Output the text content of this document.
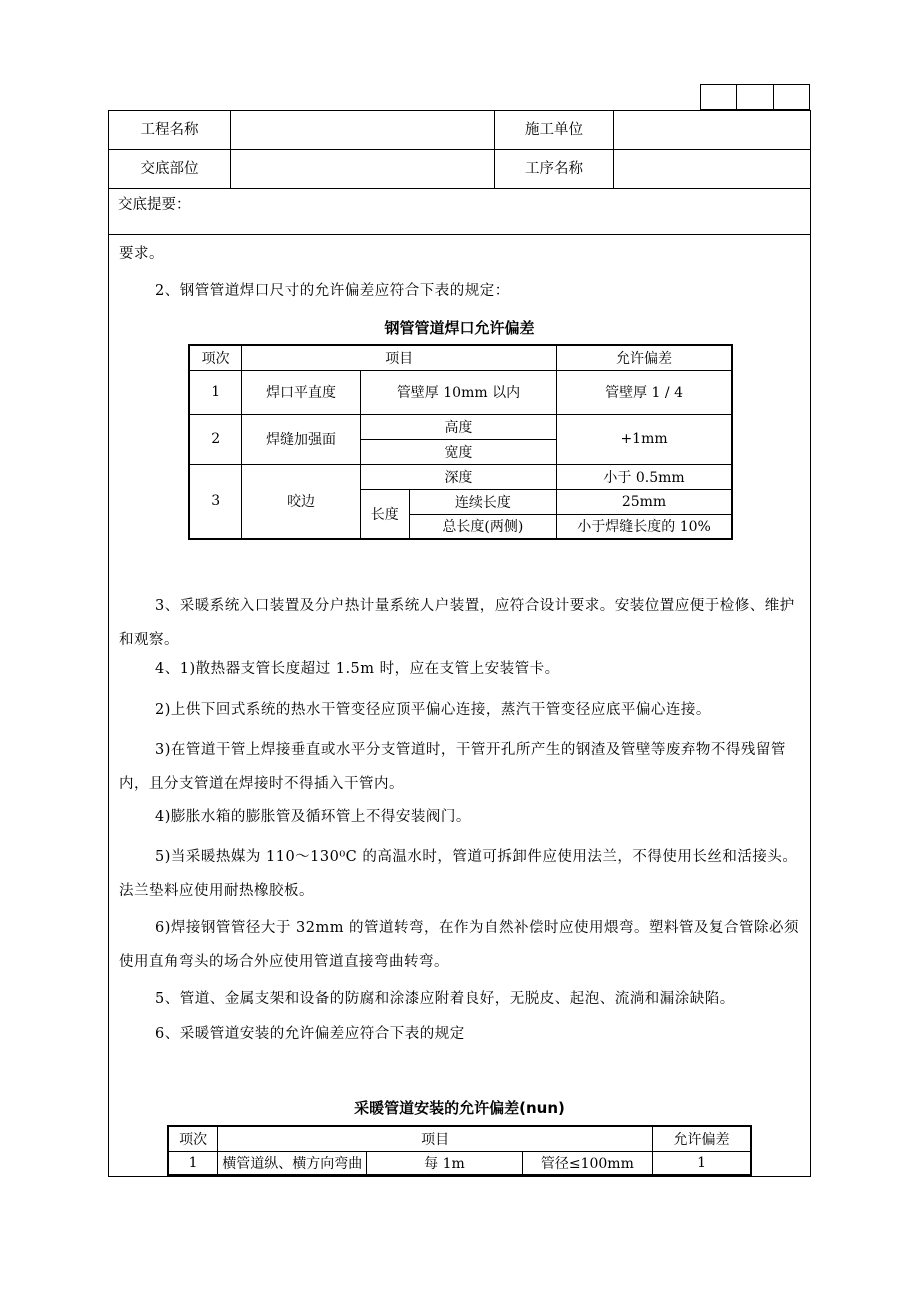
工程名称	施工单位
交底部位	工序名称
交底提要：
要求。
2、钢管管道焊口尺寸的允许偏差应符合下表的规定：
钢管管道焊口允许偏差
项次	项目			允许偏差
1	焊口平直度	管壁厚 10mm 以内		管壁厚 1 / 4
2	焊缝加强面	高度		+1mm
		宽度		
3	咬边	深度		小于 0.5mm
		长度	连续长度	25mm
			总长度(两侧)	小于焊缝长度的 10%
3、采暖系统入口装置及分户热计量系统人户装置，应符合设计要求。安装位置应便于检修、维护和观察。
4、1)散热器支管长度超过 1.5m 时，应在支管上安装管卡。
2)上供下回式系统的热水干管变径应顶平偏心连接，蒸汽干管变径应底平偏心连接。
3)在管道干管上焊接垂直或水平分支管道时，干管开孔所产生的钢渣及管壁等废弃物不得残留管内，且分支管道在焊接时不得插入干管内。
4)膨胀水箱的膨胀管及循环管上不得安装阀门。
5)当采暖热媒为 110～130⁰C 的高温水时，管道可拆卸件应使用法兰，不得使用长丝和活接头。法兰垫料应使用耐热橡胶板。
6)焊接钢管管径大于 32mm 的管道转弯，在作为自然补偿时应使用煨弯。塑料管及复合管除必须使用直角弯头的场合外应使用管道直接弯曲转弯。
5、管道、金属支架和设备的防腐和涂漆应附着良好，无脱皮、起泡、流淌和漏涂缺陷。
6、采暖管道安装的允许偏差应符合下表的规定
采暖管道安装的允许偏差(nun)
项次	项目			允许偏差
1	横管道纵、横方向弯曲	每 1m	管径≤100mm	1
